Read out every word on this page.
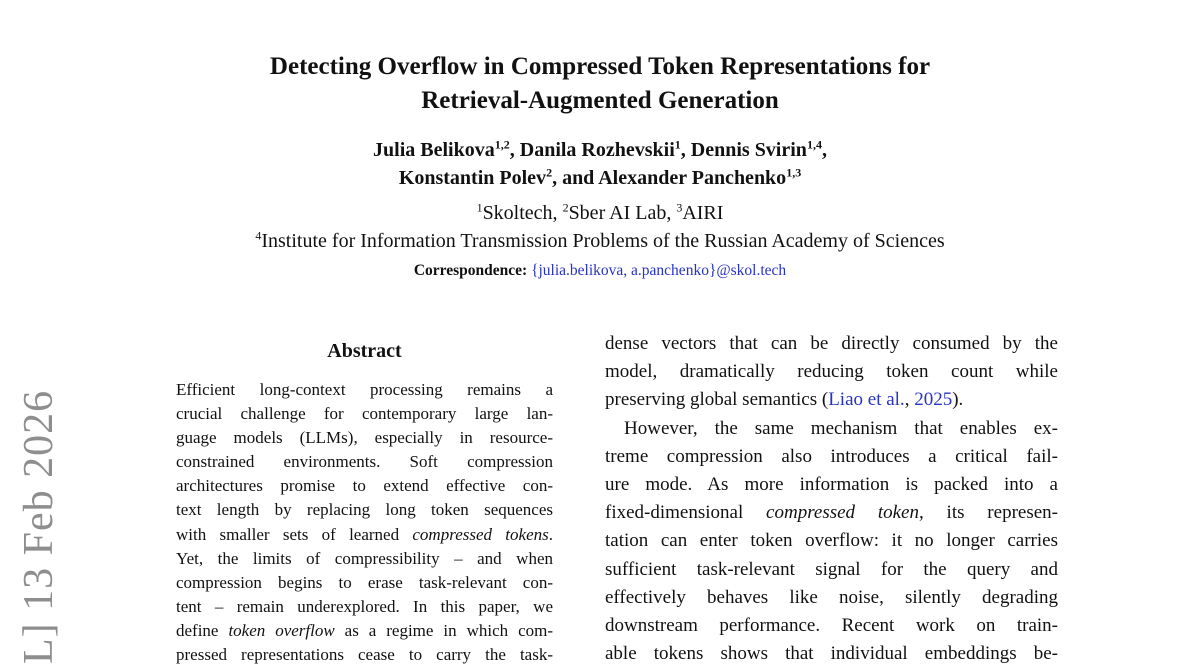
L] 13 Feb 2026
Detecting Overflow in Compressed Token Representations for
Retrieval-Augmented Generation
Julia Belikova$^{1,2}$, Danila Rozhevskii$^1$, Dennis Svirin$^{1,4}$,
Konstantin Polev$^2$, and Alexander Panchenko$^{1,3}$
$^1$Skoltech, $^2$Sber AI Lab, $^3$AIRI
$^4$Institute for Information Transmission Problems of the Russian Academy of Sciences
Correspondence: {julia.belikova, a.panchenko}@skol.tech
Abstract
Efficient long-context processing remains a
crucial challenge for contemporary large lan-
guage models (LLMs), especially in resource-
constrained environments. Soft compression
architectures promise to extend effective con-
text length by replacing long token sequences
with smaller sets of learned compressed tokens.
Yet, the limits of compressibility – and when
compression begins to erase task-relevant con-
tent – remain underexplored. In this paper, we
define token overflow as a regime in which com-
pressed representations cease to carry the task-
dense vectors that can be directly consumed by the
model, dramatically reducing token count while
preserving global semantics (Liao et al., 2025).
However, the same mechanism that enables ex-
treme compression also introduces a critical fail-
ure mode. As more information is packed into a
fixed-dimensional compressed token, its represen-
tation can enter token overflow: it no longer carries
sufficient task-relevant signal for the query and
effectively behaves like noise, silently degrading
downstream performance. Recent work on train-
able tokens shows that individual embeddings be-
